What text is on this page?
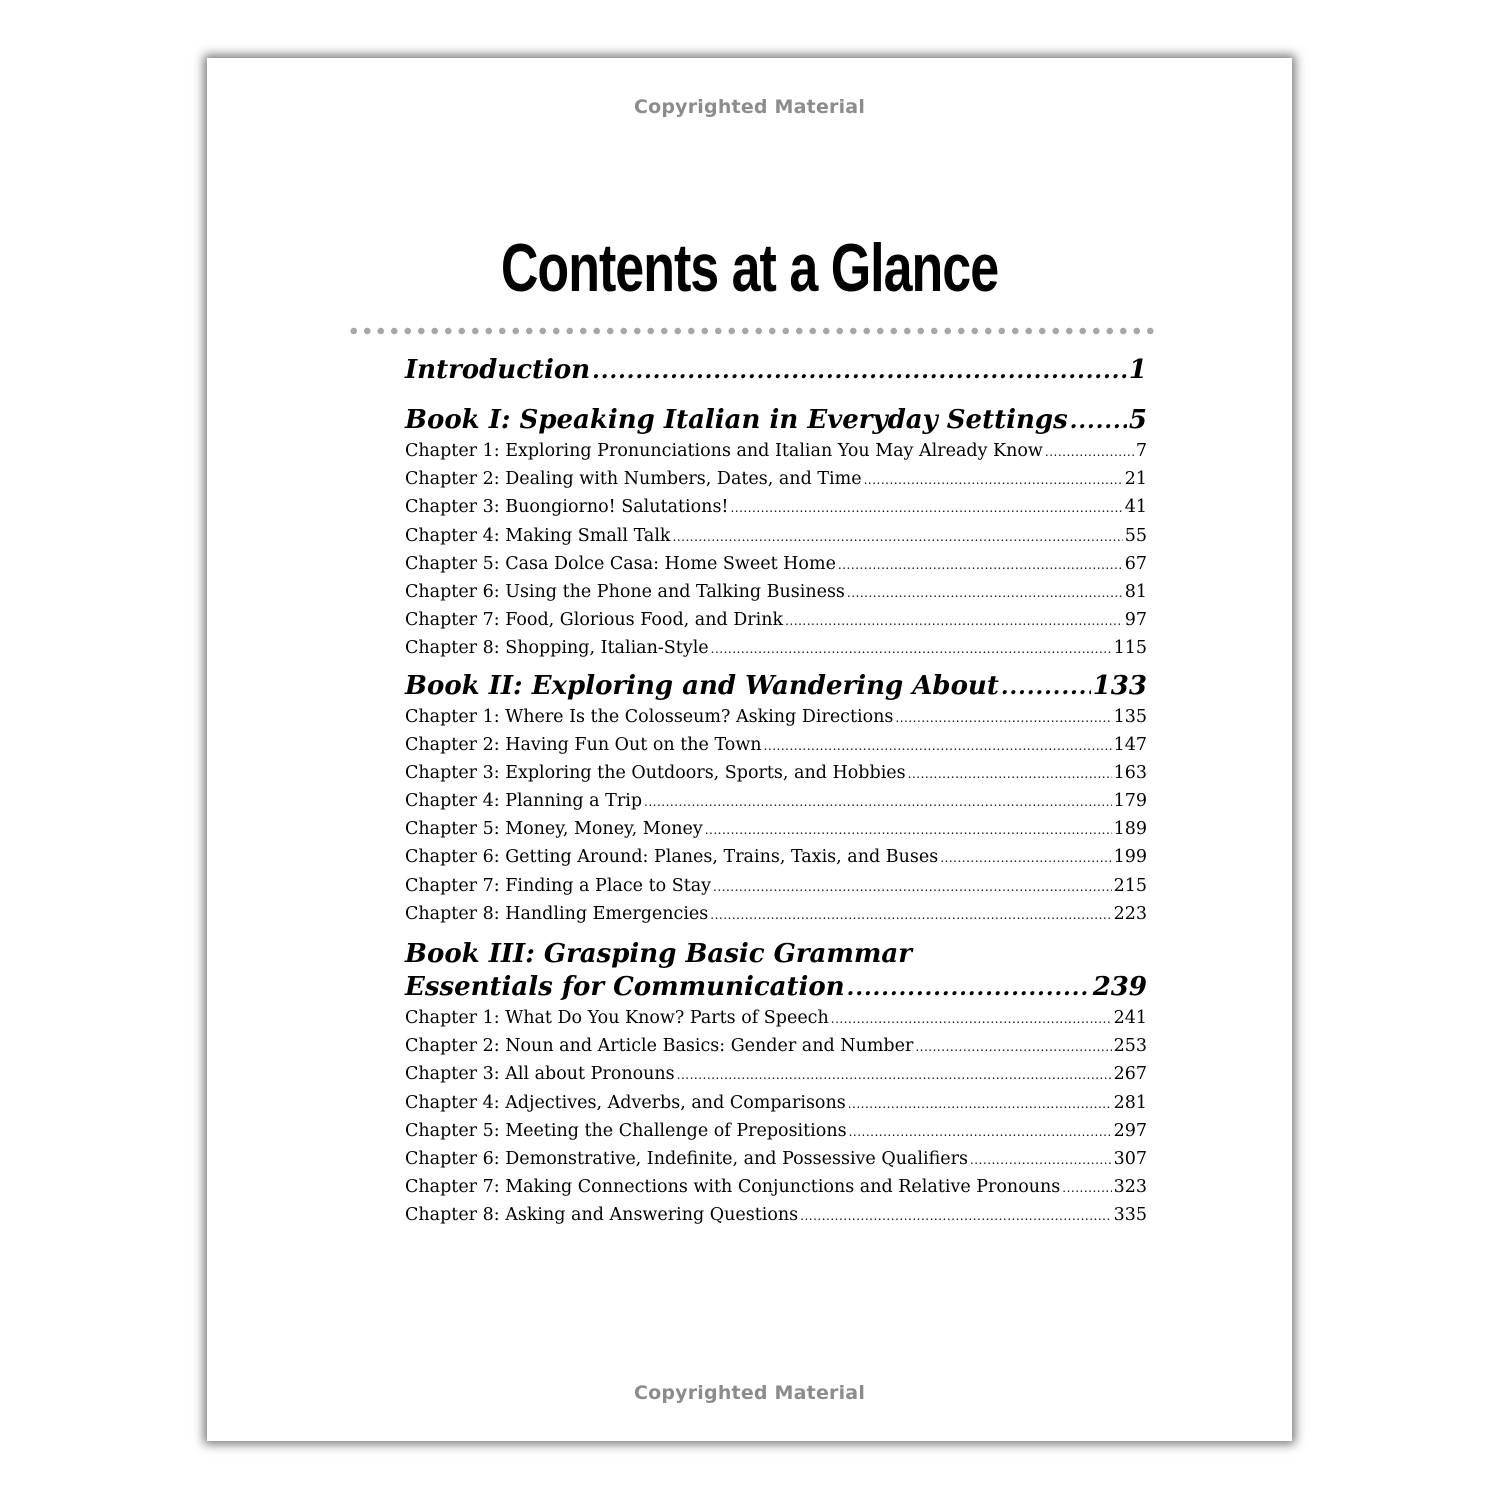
Copyrighted Material
Contents at a Glance
Introduction .....	1
Book I: Speaking Italian in Everyday Settings ..... 5
Chapter 1: Exploring Pronunciations and Italian You May Already Know .....	7
Chapter 2: Dealing with Numbers, Dates, and Time .....	21
Chapter 3: Buongiorno! Salutations! .....	41
Chapter 4: Making Small Talk .....	55
Chapter 5: Casa Dolce Casa: Home Sweet Home .....	67
Chapter 6: Using the Phone and Talking Business .....	81
Chapter 7: Food, Glorious Food, and Drink .....	97
Chapter 8: Shopping, Italian-Style .....	115
Book II: Exploring and Wandering About .....	133
Chapter 1: Where Is the Colosseum? Asking Directions .....	135
Chapter 2: Having Fun Out on the Town .....	147
Chapter 3: Exploring the Outdoors, Sports, and Hobbies .....	163
Chapter 4: Planning a Trip .....	179
Chapter 5: Money, Money, Money .....	189
Chapter 6: Getting Around: Planes, Trains, Taxis, and Buses .....	199
Chapter 7: Finding a Place to Stay .....	215
Chapter 8: Handling Emergencies .....	223
Book III: Grasping Basic Grammar
Essentials for Communication .....	239
Chapter 1: What Do You Know? Parts of Speech .....	241
Chapter 2: Noun and Article Basics: Gender and Number .....	253
Chapter 3: All about Pronouns .....	267
Chapter 4: Adjectives, Adverbs, and Comparisons .....	281
Chapter 5: Meeting the Challenge of Prepositions .....	297
Chapter 6: Demonstrative, Indefinite, and Possessive Qualifiers .....	307
Chapter 7: Making Connections with Conjunctions and Relative Pronouns .....	323
Chapter 8: Asking and Answering Questions .....	335
Copyrighted Material
